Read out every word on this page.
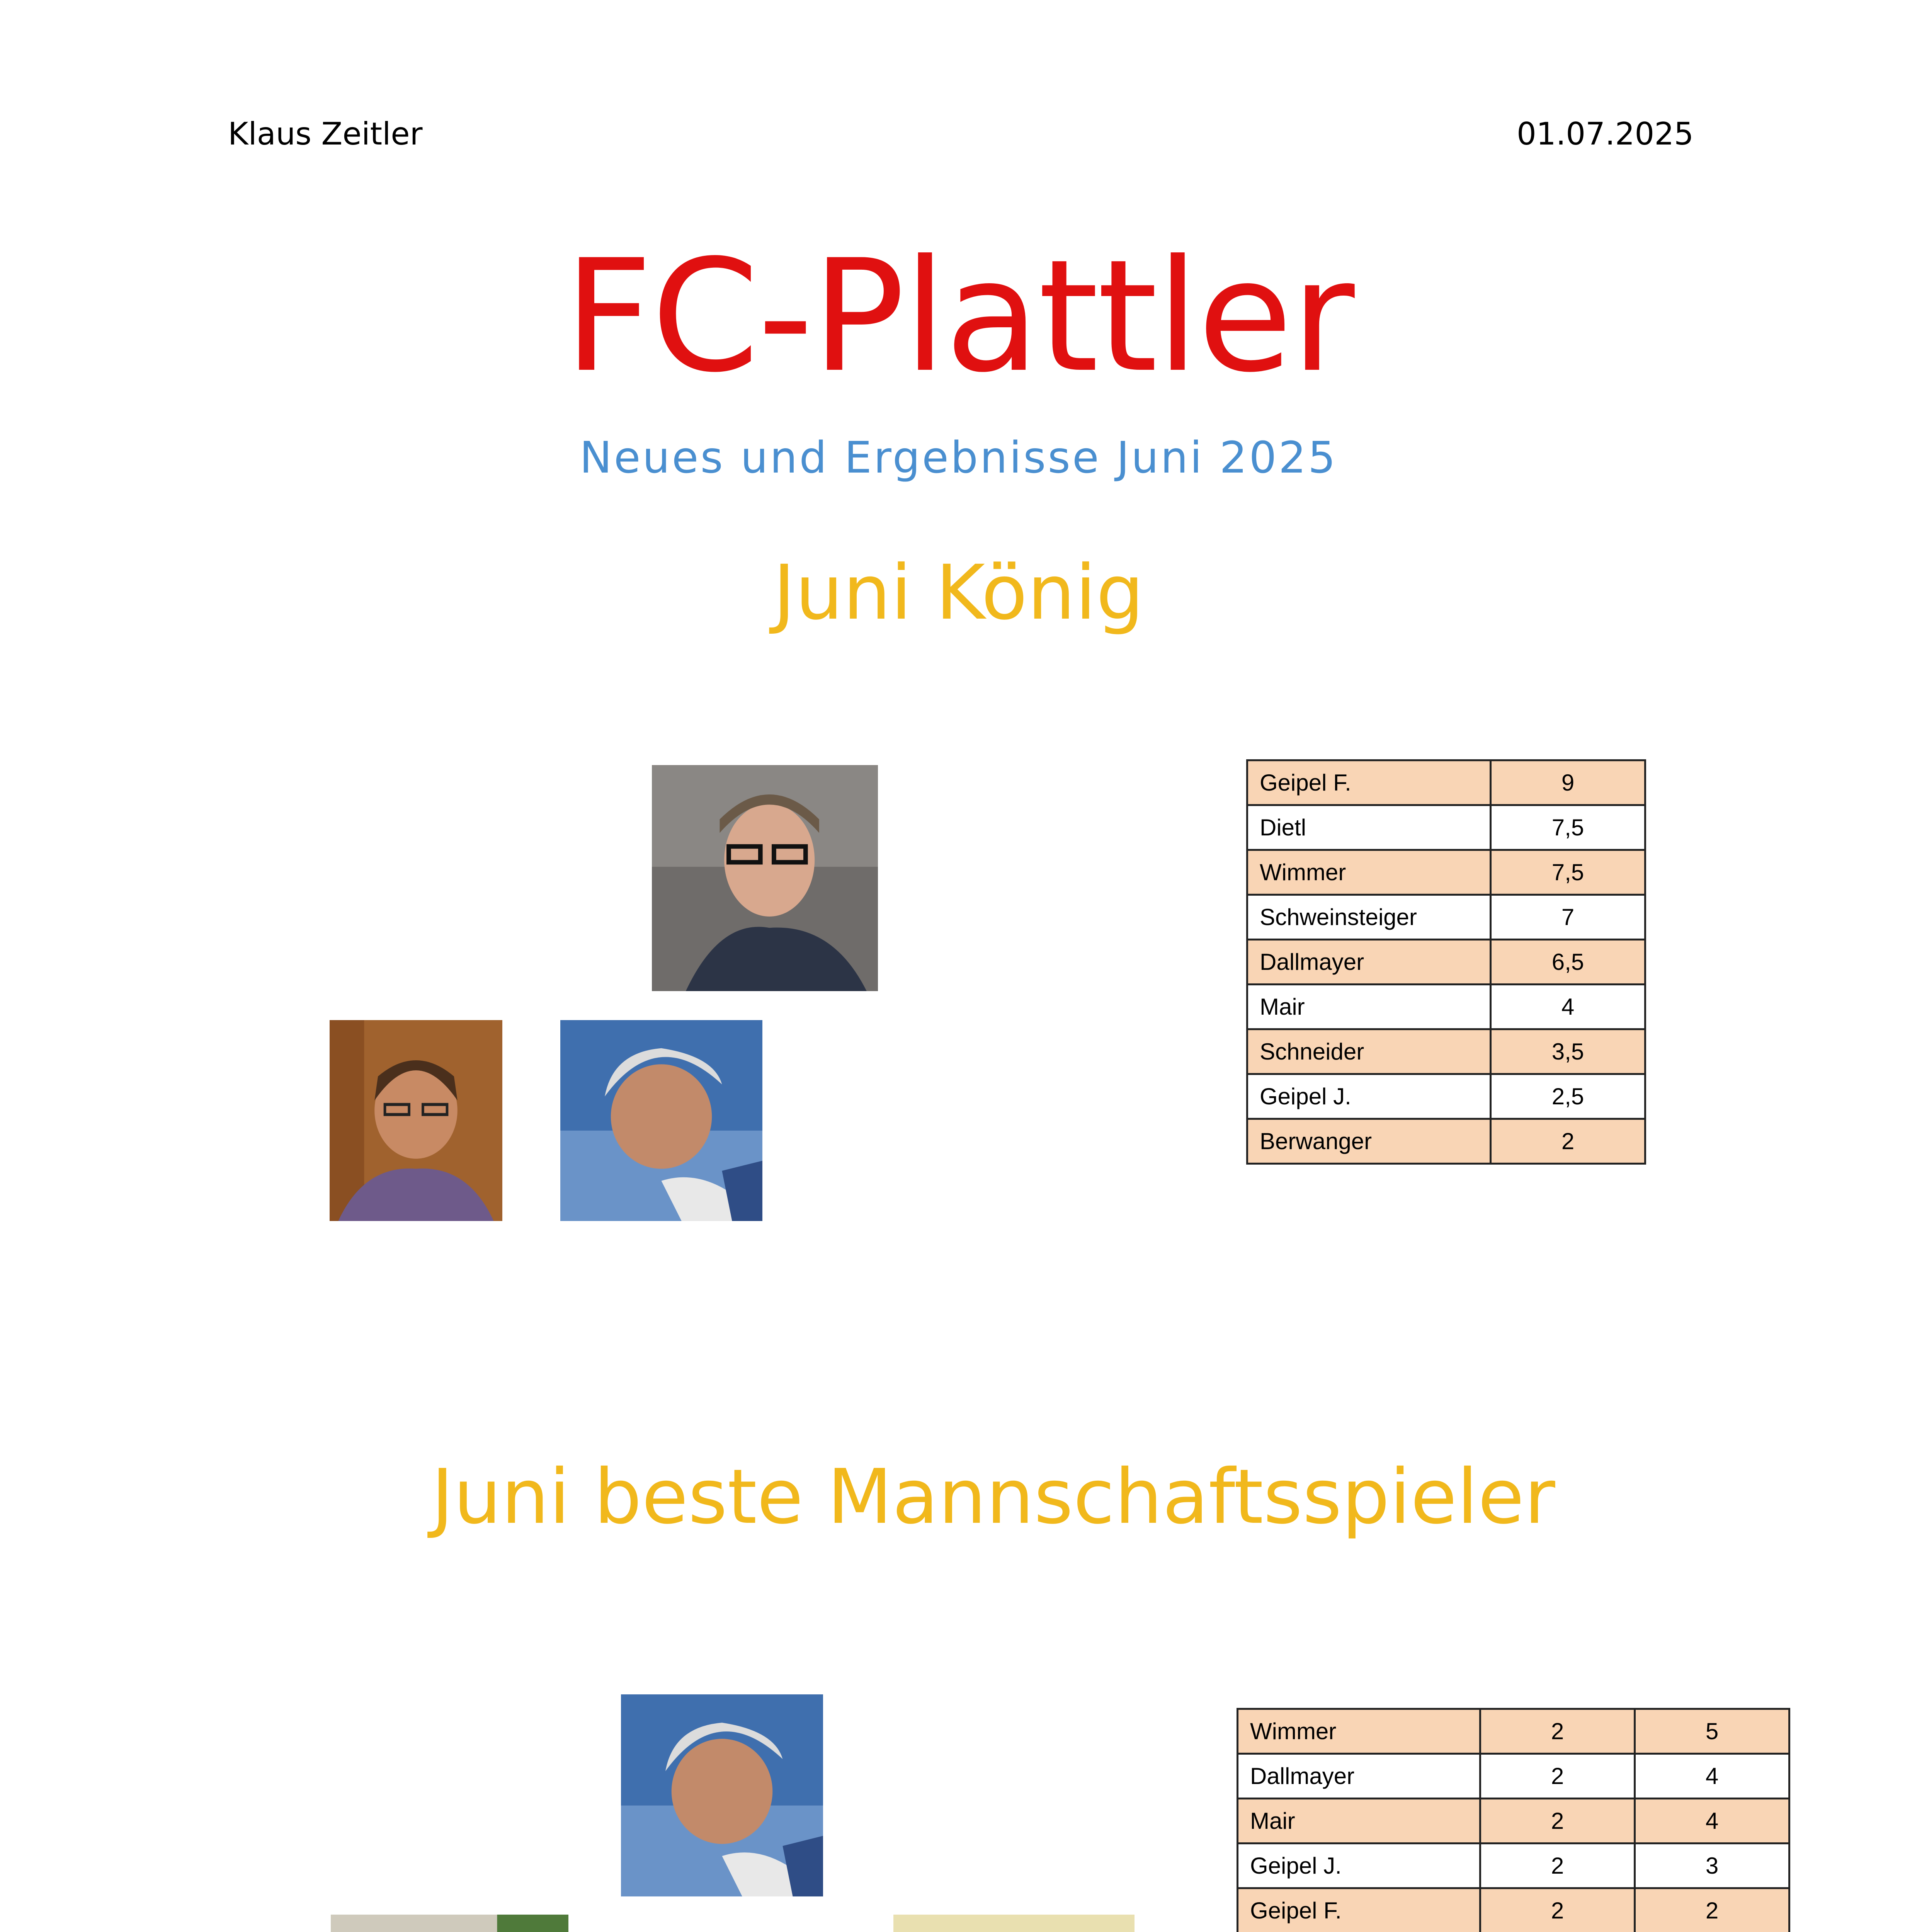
Klaus Zeitler	01.07.2025
FC-Plattler
Neues und Ergebnisse Juni 2025
Juni König
Geipel F.	9
Dietl	7,5
Wimmer	7,5
Schweinsteiger	7
Dallmayer	6,5
Mair	4
Schneider	3,5
Geipel J.	2,5
Berwanger	2
Juni beste Mannschaftsspieler
Wimmer	2	5
Dallmayer	2	4
Mair	2	4
Geipel J.	2	3
Geipel F.	2	2
